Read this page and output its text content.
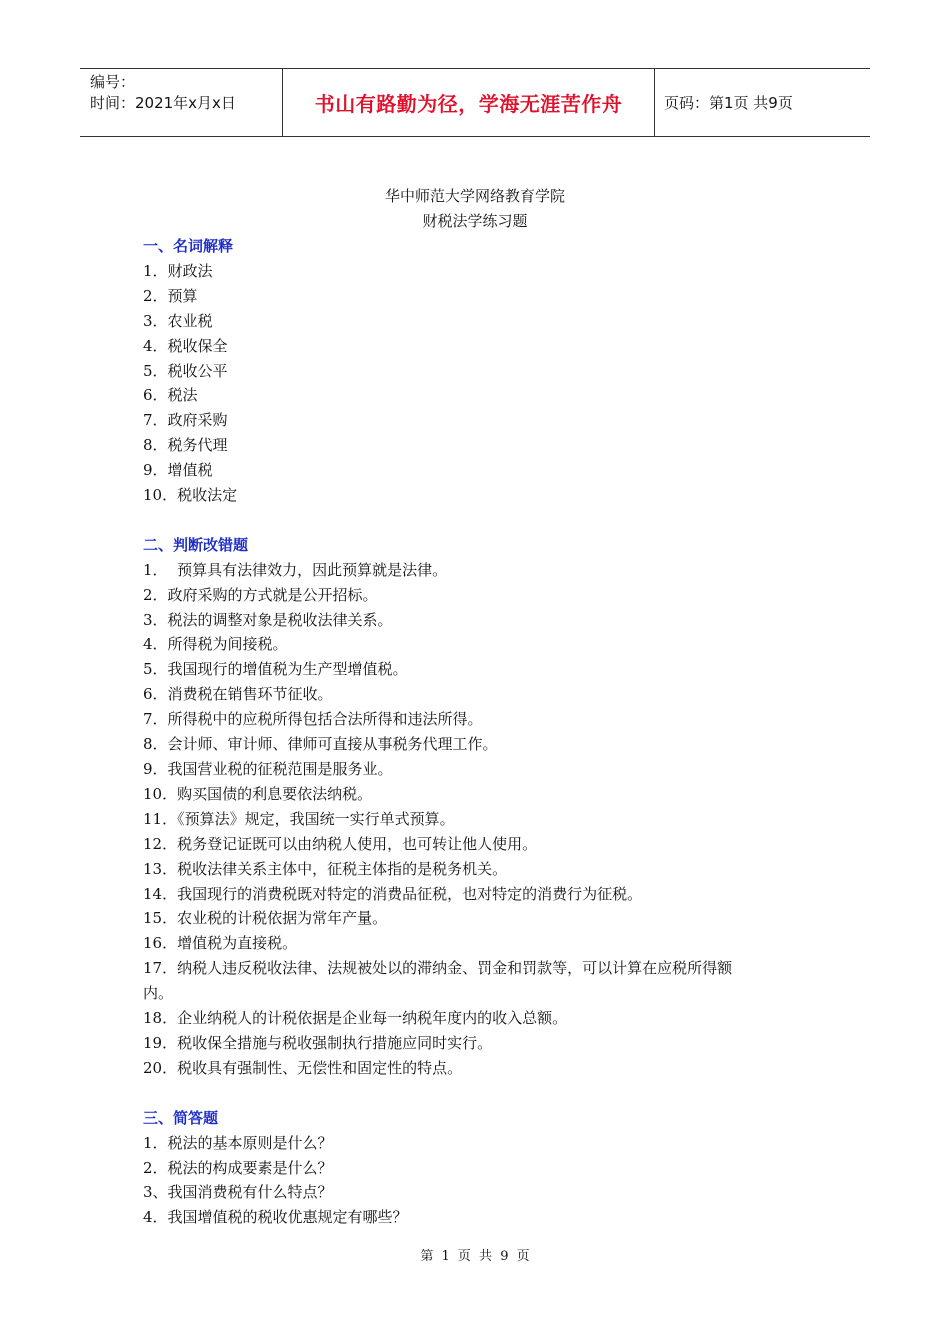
编号：
时间：2021年x月x日	书山有路勤为径，学海无涯苦作舟	页码：第1页 共9页
华中师范大学网络教育学院
财税法学练习题
一、名词解释
1．财政法
2．预算
3．农业税
4．税收保全
5．税收公平
6．税法
7．政府采购
8．税务代理
9．增值税
10．税收法定
二、判断改错题
1．  预算具有法律效力，因此预算就是法律。
2．政府采购的方式就是公开招标。
3．税法的调整对象是税收法律关系。
4．所得税为间接税。
5．我国现行的增值税为生产型增值税。
6．消费税在销售环节征收。
7．所得税中的应税所得包括合法所得和违法所得。
8．会计师、审计师、律师可直接从事税务代理工作。
9．我国营业税的征税范围是服务业。
10．购买国债的利息要依法纳税。
11．《预算法》规定，我国统一实行单式预算。
12．税务登记证既可以由纳税人使用，也可转让他人使用。
13．税收法律关系主体中，征税主体指的是税务机关。
14．我国现行的消费税既对特定的消费品征税，也对特定的消费行为征税。
15．农业税的计税依据为常年产量。
16．增值税为直接税。
17．纳税人违反税收法律、法规被处以的滞纳金、罚金和罚款等，可以计算在应税所得额
内。
18．企业纳税人的计税依据是企业每一纳税年度内的收入总额。
19．税收保全措施与税收强制执行措施应同时实行。
20．税收具有强制性、无偿性和固定性的特点。
三、简答题
1．税法的基本原则是什么？
2．税法的构成要素是什么？
3、我国消费税有什么特点？
4．我国增值税的税收优惠规定有哪些？
第 1 页 共 9 页
